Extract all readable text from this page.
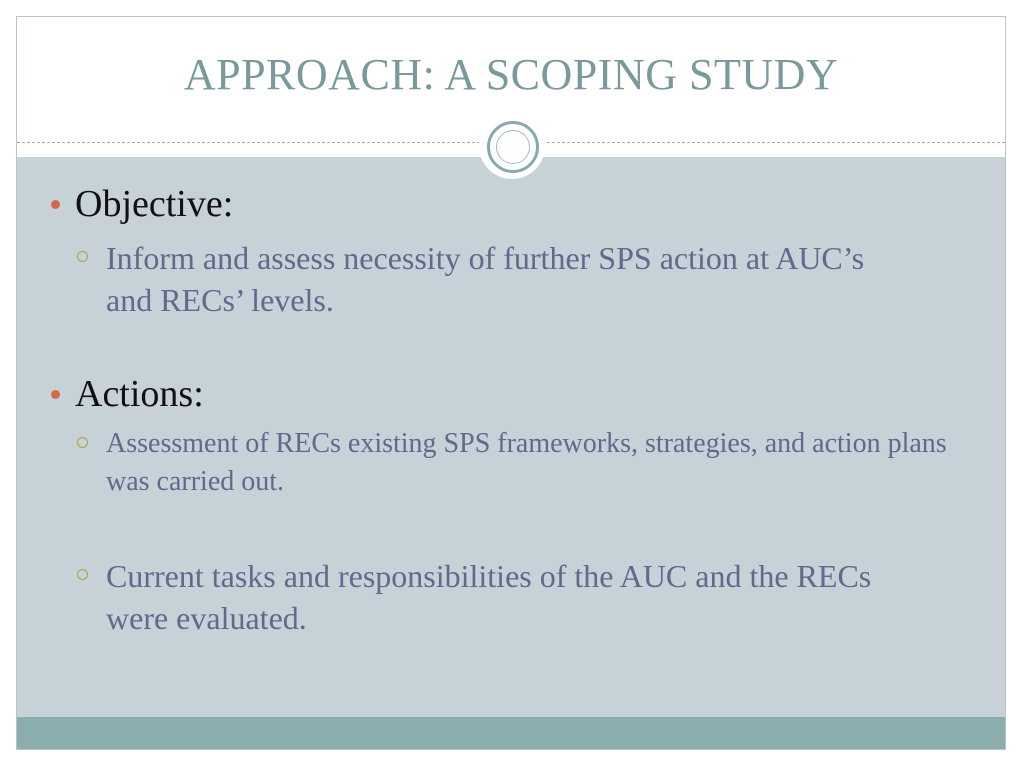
APPROACH: A SCOPING STUDY
Objective:
Inform and assess necessity of further SPS action at AUC’s and RECs’ levels.
Actions:
Assessment of RECs existing SPS frameworks, strategies, and action plans was carried out.
Current tasks and responsibilities of the AUC and the RECs were evaluated.
